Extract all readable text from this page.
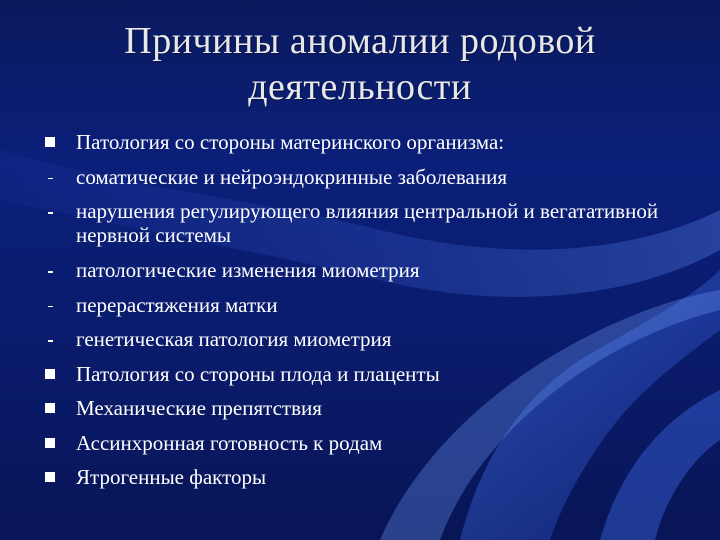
Причины аномалии родовой
деятельности
Патология со стороны материнского организма:
соматические и нейроэндокринные заболевания
нарушения регулирующего влияния центральной и вегатативной нервной системы
патологические изменения миометрия
перерастяжения матки
генетическая патология миометрия
Патология со стороны плода и плаценты
Механические препятствия
Ассинхронная готовность к родам
Ятрогенные факторы
